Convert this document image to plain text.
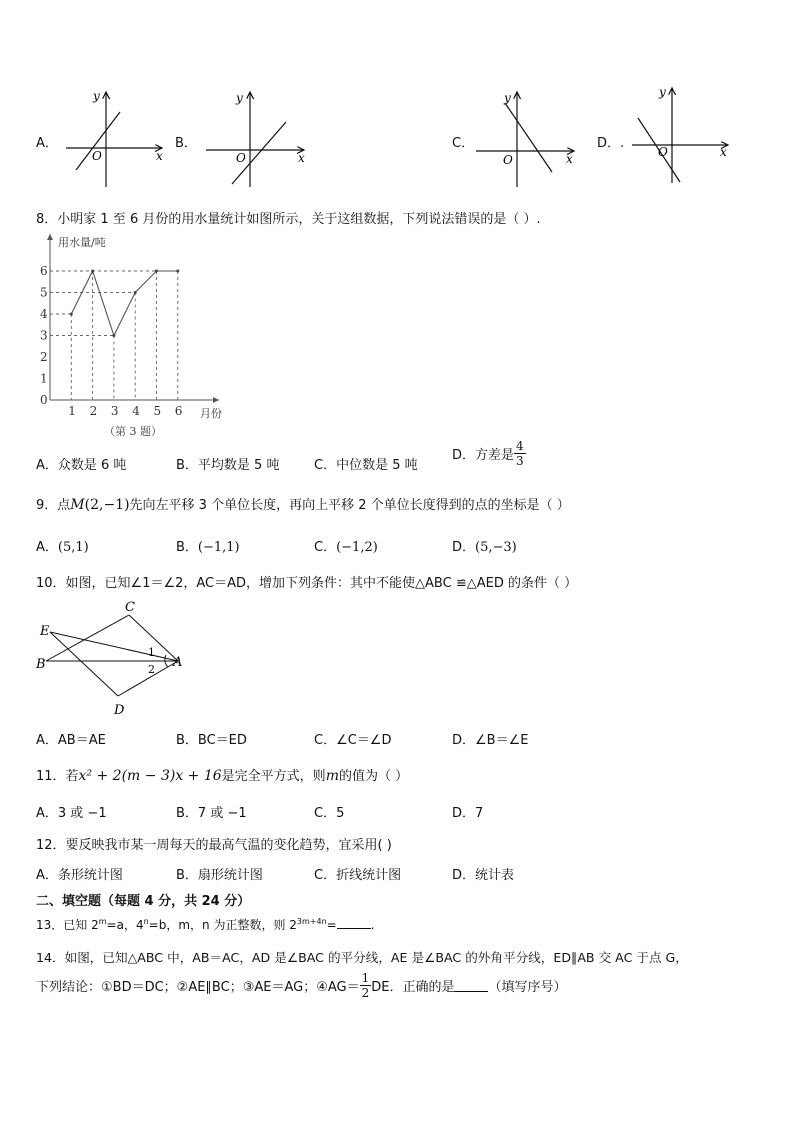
A．
y
x
O
B．
y
x
O
C．
y
x
O
D．.
y
x
O
8．小明家 1 至 6 月份的用水量统计如图所示，关于这组数据，下列说法错误的是（ ）.
用水量/吨
月份
0
1
2
3
4
5
6
1 2 3 4 5 6
（第 3 题）
A．众数是 6 吨	B．平均数是 5 吨	C．中位数是 5 吨
D．方差是 $\frac{4}{3}$
9．点M(2,−1)先向左平移 3 个单位长度，再向上平移 2 个单位长度得到的点的坐标是（ ）
A．(5,1)	B．(−1,1)	C．(−1,2)	D．(5,−3)
10．如图，已知∠1＝∠2，AC＝AD，增加下列条件：其中不能使△ABC ≌△AED 的条件（ ）
C
E
B	A
D
1
2
A．AB＝AE	B．BC＝ED	C．∠C＝∠D	D．∠B＝∠E
11．若x² + 2(m − 3)x + 16是完全平方式，则m的值为（ ）
A．3 或 −1	B．7 或 −1	C．5	D．7
12．要反映我市某一周每天的最高气温的变化趋势，宜采用( )
A．条形统计图	B．扇形统计图	C．折线统计图	D．统计表
二、填空题（每题 4 分，共 24 分）
13．已知 $2^m=a$，$4^n=b$，m，n 为正整数，则 $2^{3m+4n}=$	.
14．如图，已知△ABC 中，AB＝AC，AD 是∠BAC 的平分线，AE 是∠BAC 的外角平分线，ED∥AB 交 AC 于点 G，
下列结论：①BD＝DC；②AE∥BC；③AE＝AG；④AG＝ $\frac{1}{2}$ DE．正确的是	（填写序号）
